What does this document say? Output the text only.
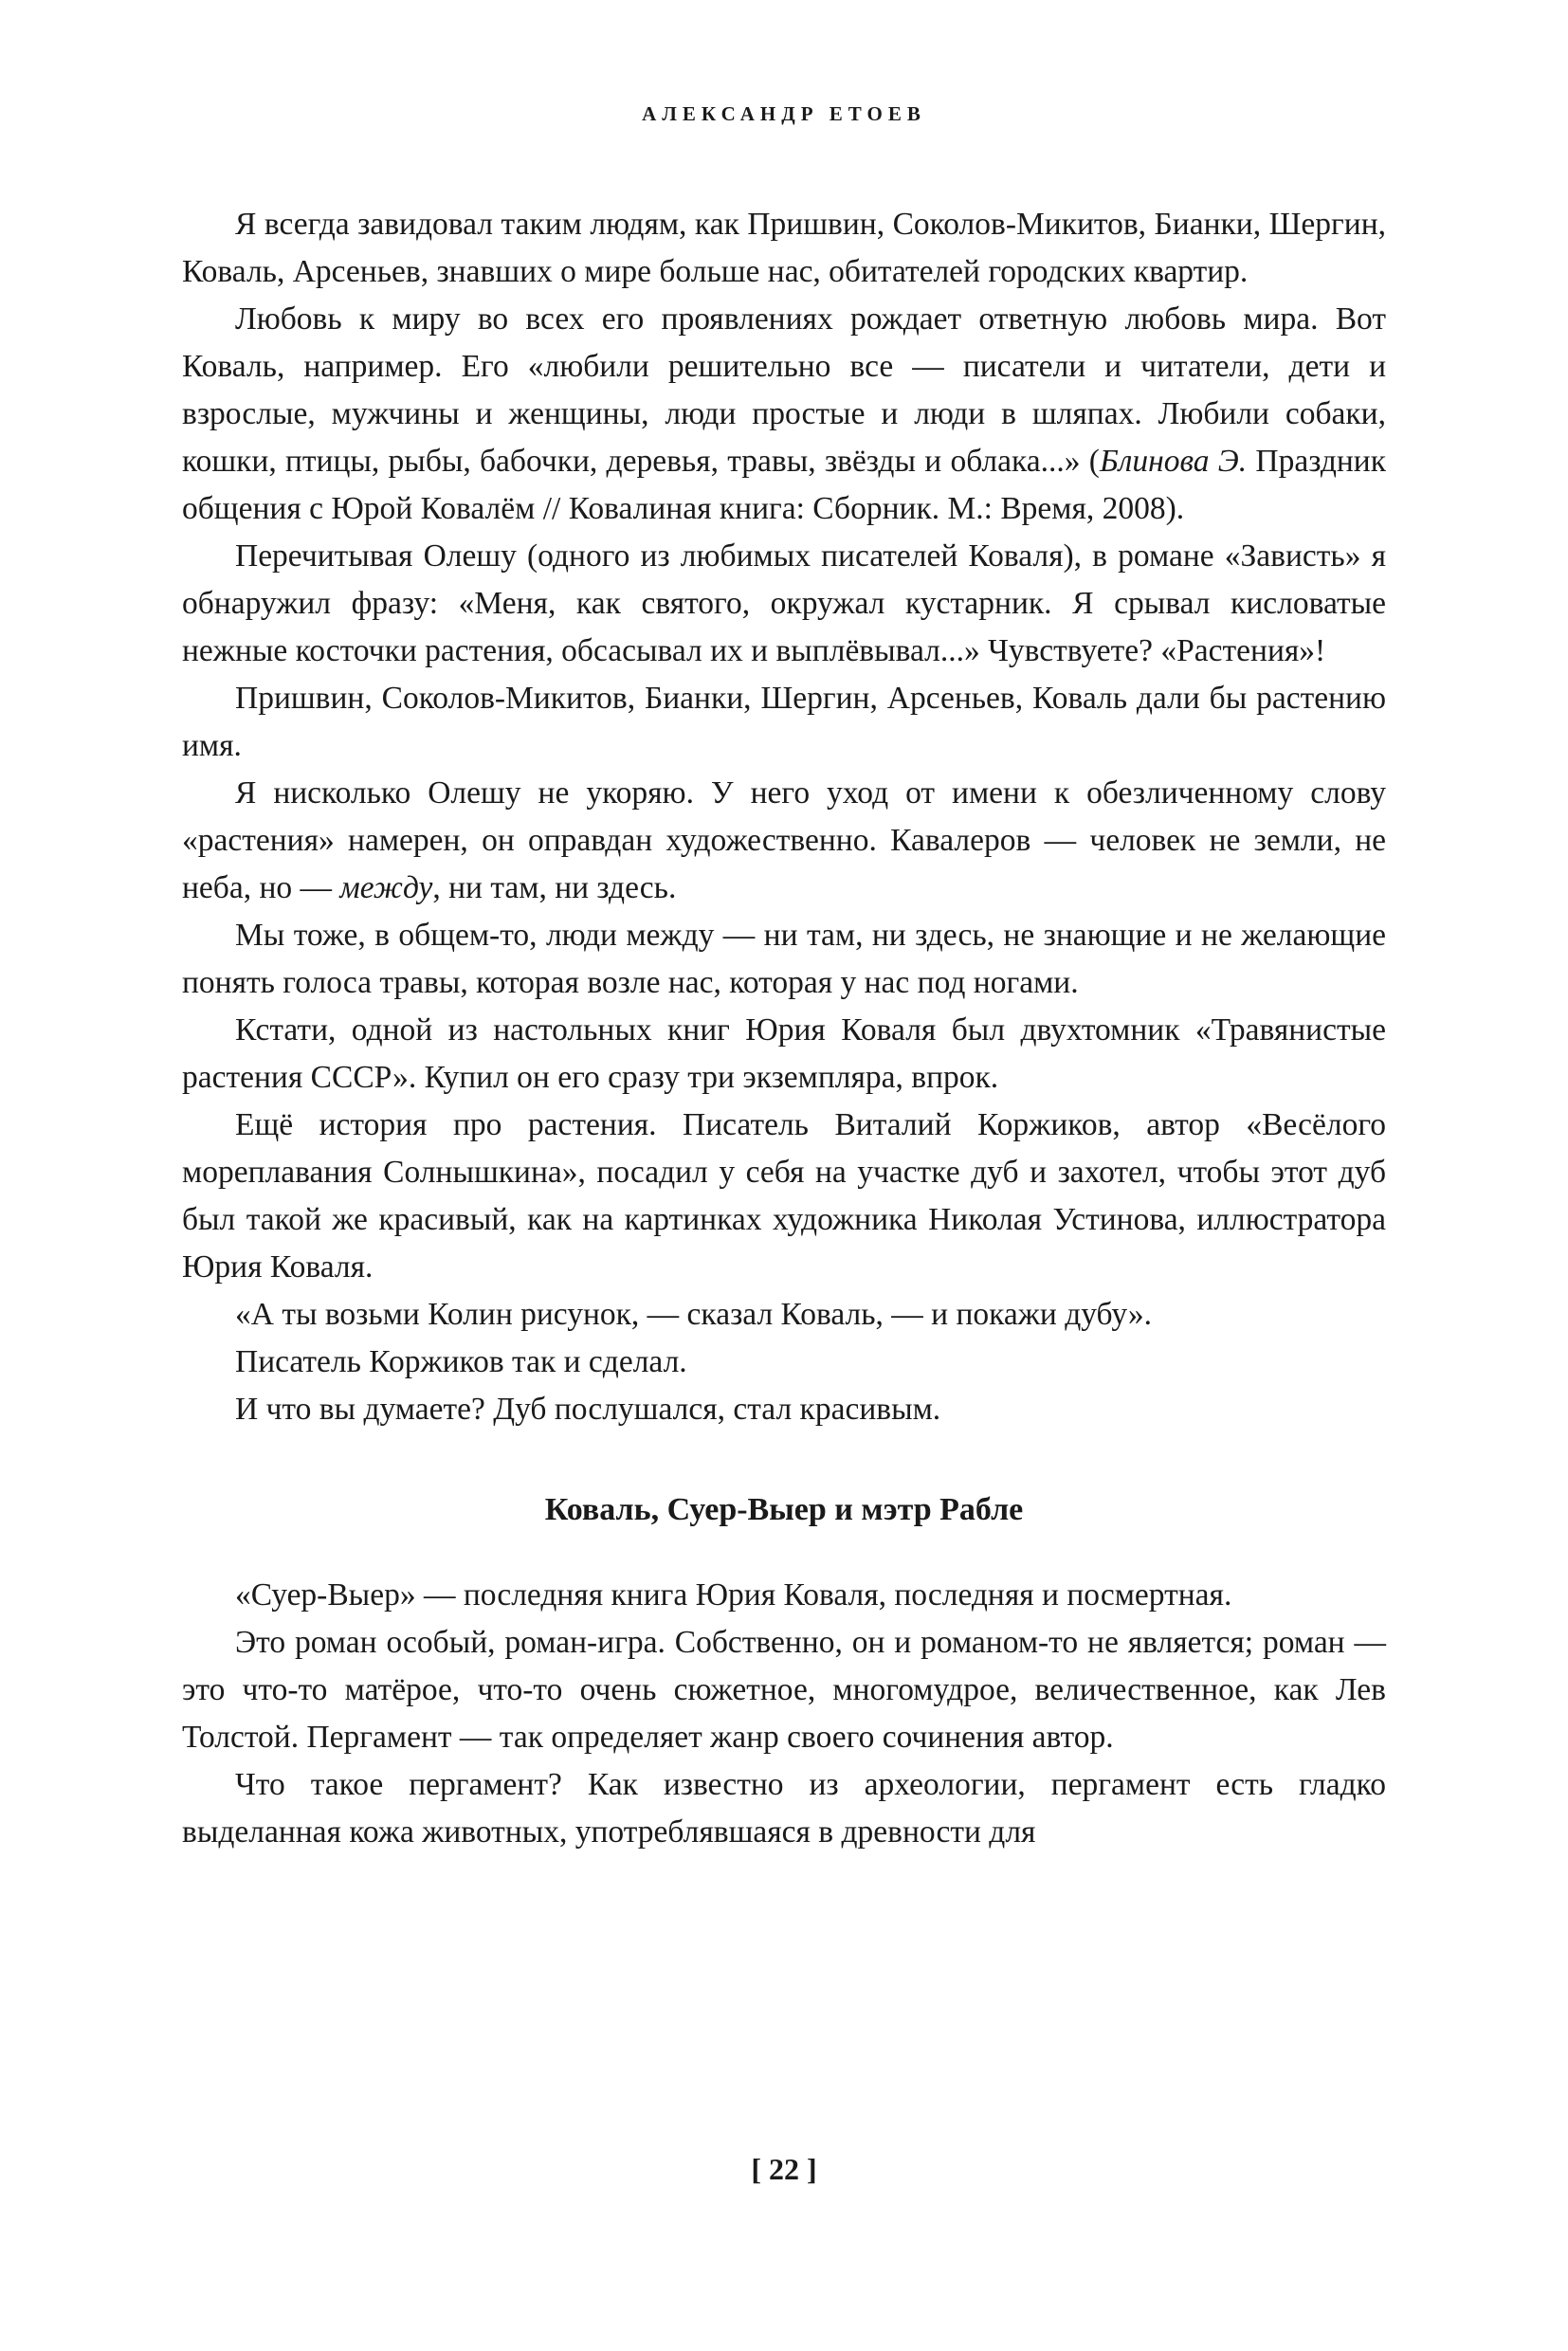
АЛЕКСАНДР ЕТОЕВ

Я всегда завидовал таким людям, как Пришвин, Соколов-Микитов, Бианки, Шергин, Коваль, Арсеньев, знавших о мире больше нас, обитателей городских квартир.

Любовь к миру во всех его проявлениях рождает ответную любовь мира. Вот Коваль, например. Его «любили решительно все — писатели и читатели, дети и взрослые, мужчины и женщины, люди простые и люди в шляпах. Любили собаки, кошки, птицы, рыбы, бабочки, деревья, травы, звёзды и облака...» (Блинова Э. Праздник общения с Юрой Ковалём // Ковалиная книга: Сборник. М.: Время, 2008).

Перечитывая Олешу (одного из любимых писателей Коваля), в романе «Зависть» я обнаружил фразу: «Меня, как святого, окружал кустарник. Я срывал кисловатые нежные косточки растения, обсасывал их и выплёвывал...» Чувствуете? «Растения»!

Пришвин, Соколов-Микитов, Бианки, Шергин, Арсеньев, Коваль дали бы растению имя.

Я нисколько Олешу не укоряю. У него уход от имени к обезличенному слову «растения» намерен, он оправдан художественно. Кавалеров — человек не земли, не неба, но — между, ни там, ни здесь.

Мы тоже, в общем-то, люди между — ни там, ни здесь, не знающие и не желающие понять голоса травы, которая возле нас, которая у нас под ногами.

Кстати, одной из настольных книг Юрия Коваля был двухтомник «Травянистые растения СССР». Купил он его сразу три экземпляра, впрок.

Ещё история про растения. Писатель Виталий Коржиков, автор «Весёлого мореплавания Солнышкина», посадил у себя на участке дуб и захотел, чтобы этот дуб был такой же красивый, как на картинках художника Николая Устинова, иллюстратора Юрия Коваля.

«А ты возьми Колин рисунок, — сказал Коваль, — и покажи дубу».

Писатель Коржиков так и сделал.

И что вы думаете? Дуб послушался, стал красивым.

Коваль, Суер-Выер и мэтр Рабле

«Суер-Выер» — последняя книга Юрия Коваля, последняя и посмертная.

Это роман особый, роман-игра. Собственно, он и романом-то не является; роман — это что-то матёрое, что-то очень сюжетное, многомудрое, величественное, как Лев Толстой. Пергамент — так определяет жанр своего сочинения автор.

Что такое пергамент? Как известно из археологии, пергамент есть гладко выделанная кожа животных, употреблявшаяся в древности для

[ 22 ]
